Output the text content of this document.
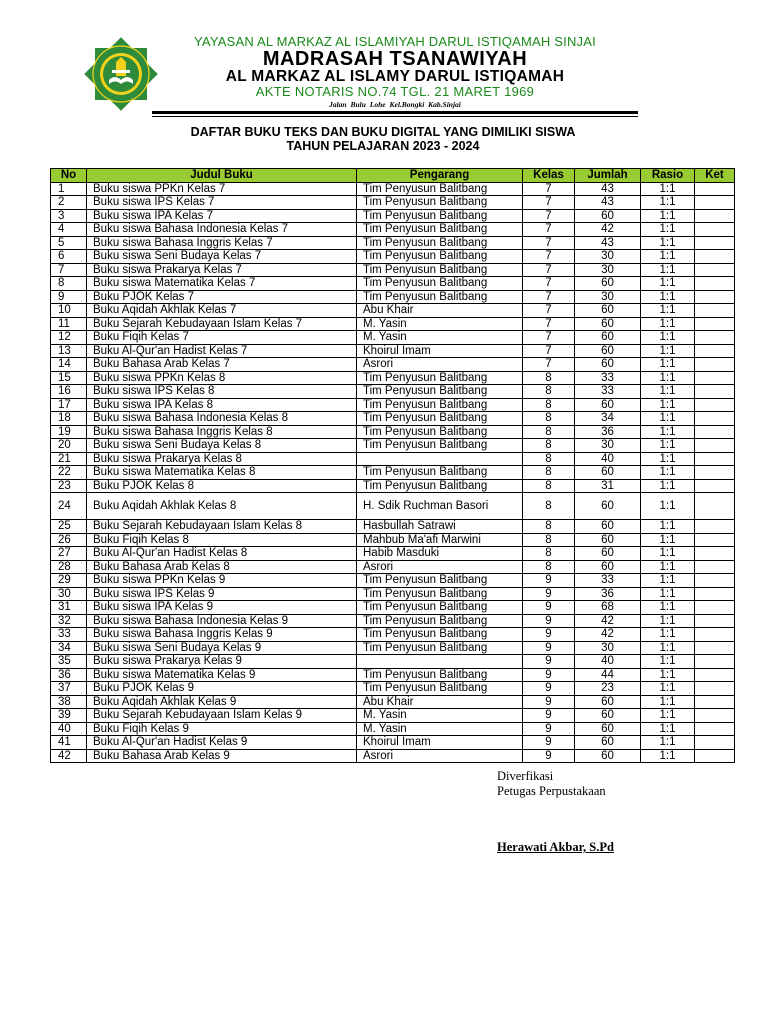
YAYASAN AL MARKAZ AL ISLAMIYAH DARUL ISTIQAMAH SINJAI
MADRASAH TSANAWIYAH
AL MARKAZ AL ISLAMY DARUL ISTIQAMAH
AKTE NOTARIS NO.74 TGL. 21 MARET 1969
Jalan Bulu Lohe Kel.Bongki Kab.Sinjai
DAFTAR BUKU TEKS DAN BUKU DIGITAL YANG DIMILIKI SISWA
TAHUN PELAJARAN 2023 - 2024
No	Judul Buku	Pengarang	Kelas	Jumlah	Rasio	Ket
1	Buku siswa PPKn Kelas 7	Tim Penyusun Balitbang	7	43	1:1	
2	Buku siswa IPS Kelas 7	Tim Penyusun Balitbang	7	43	1:1	
3	Buku siswa IPA Kelas 7	Tim Penyusun Balitbang	7	60	1:1	
4	Buku siswa Bahasa Indonesia Kelas 7	Tim Penyusun Balitbang	7	42	1:1	
5	Buku siswa Bahasa Inggris Kelas 7	Tim Penyusun Balitbang	7	43	1:1	
6	Buku siswa Seni Budaya Kelas 7	Tim Penyusun Balitbang	7	30	1:1	
7	Buku siswa Prakarya Kelas 7	Tim Penyusun Balitbang	7	30	1:1	
8	Buku siswa Matematika Kelas 7	Tim Penyusun Balitbang	7	60	1:1	
9	Buku PJOK Kelas 7	Tim Penyusun Balitbang	7	30	1:1	
10	Buku Aqidah Akhlak Kelas 7	Abu Khair	7	60	1:1	
11	Buku Sejarah Kebudayaan Islam Kelas 7	M. Yasin	7	60	1:1	
12	Buku Fiqih Kelas 7	M. Yasin	7	60	1:1	
13	Buku Al-Qur'an Hadist Kelas 7	Khoirul Imam	7	60	1:1	
14	Buku Bahasa Arab Kelas 7	Asrori	7	60	1:1	
15	Buku siswa PPKn Kelas 8	Tim Penyusun Balitbang	8	33	1:1	
16	Buku siswa IPS Kelas 8	Tim Penyusun Balitbang	8	33	1:1	
17	Buku siswa IPA Kelas 8	Tim Penyusun Balitbang	8	60	1:1	
18	Buku siswa Bahasa Indonesia Kelas 8	Tim Penyusun Balitbang	8	34	1:1	
19	Buku siswa Bahasa Inggris Kelas 8	Tim Penyusun Balitbang	8	36	1:1	
20	Buku siswa Seni Budaya Kelas 8	Tim Penyusun Balitbang	8	30	1:1	
21	Buku siswa Prakarya Kelas 8		8	40	1:1	
22	Buku siswa Matematika Kelas 8	Tim Penyusun Balitbang	8	60	1:1	
23	Buku PJOK Kelas 8	Tim Penyusun Balitbang	8	31	1:1	
24	Buku Aqidah Akhlak Kelas 8	H. Sdik Ruchman Basori	8	60	1:1	
25	Buku Sejarah Kebudayaan Islam Kelas 8	Hasbullah Satrawi	8	60	1:1	
26	Buku Fiqih Kelas 8	Mahbub Ma'afi Marwini	8	60	1:1	
27	Buku Al-Qur'an Hadist Kelas 8	Habib Masduki	8	60	1:1	
28	Buku Bahasa Arab Kelas 8	Asrori	8	60	1:1	
29	Buku siswa PPKn Kelas 9	Tim Penyusun Balitbang	9	33	1:1	
30	Buku siswa IPS Kelas 9	Tim Penyusun Balitbang	9	36	1:1	
31	Buku siswa IPA Kelas 9	Tim Penyusun Balitbang	9	68	1:1	
32	Buku siswa Bahasa Indonesia Kelas 9	Tim Penyusun Balitbang	9	42	1:1	
33	Buku siswa Bahasa Inggris Kelas 9	Tim Penyusun Balitbang	9	42	1:1	
34	Buku siswa Seni Budaya Kelas 9	Tim Penyusun Balitbang	9	30	1:1	
35	Buku siswa Prakarya Kelas 9		9	40	1:1	
36	Buku siswa Matematika Kelas 9	Tim Penyusun Balitbang	9	44	1:1	
37	Buku PJOK Kelas 9	Tim Penyusun Balitbang	9	23	1:1	
38	Buku Aqidah Akhlak Kelas 9	Abu Khair	9	60	1:1	
39	Buku Sejarah Kebudayaan Islam Kelas 9	M. Yasin	9	60	1:1	
40	Buku Fiqih Kelas 9	M. Yasin	9	60	1:1	
41	Buku Al-Qur'an Hadist Kelas 9	Khoirul Imam	9	60	1:1	
42	Buku Bahasa Arab Kelas 9	Asrori	9	60	1:1	
Diverfikasi
Petugas Perpustakaan
Herawati Akbar, S.Pd
